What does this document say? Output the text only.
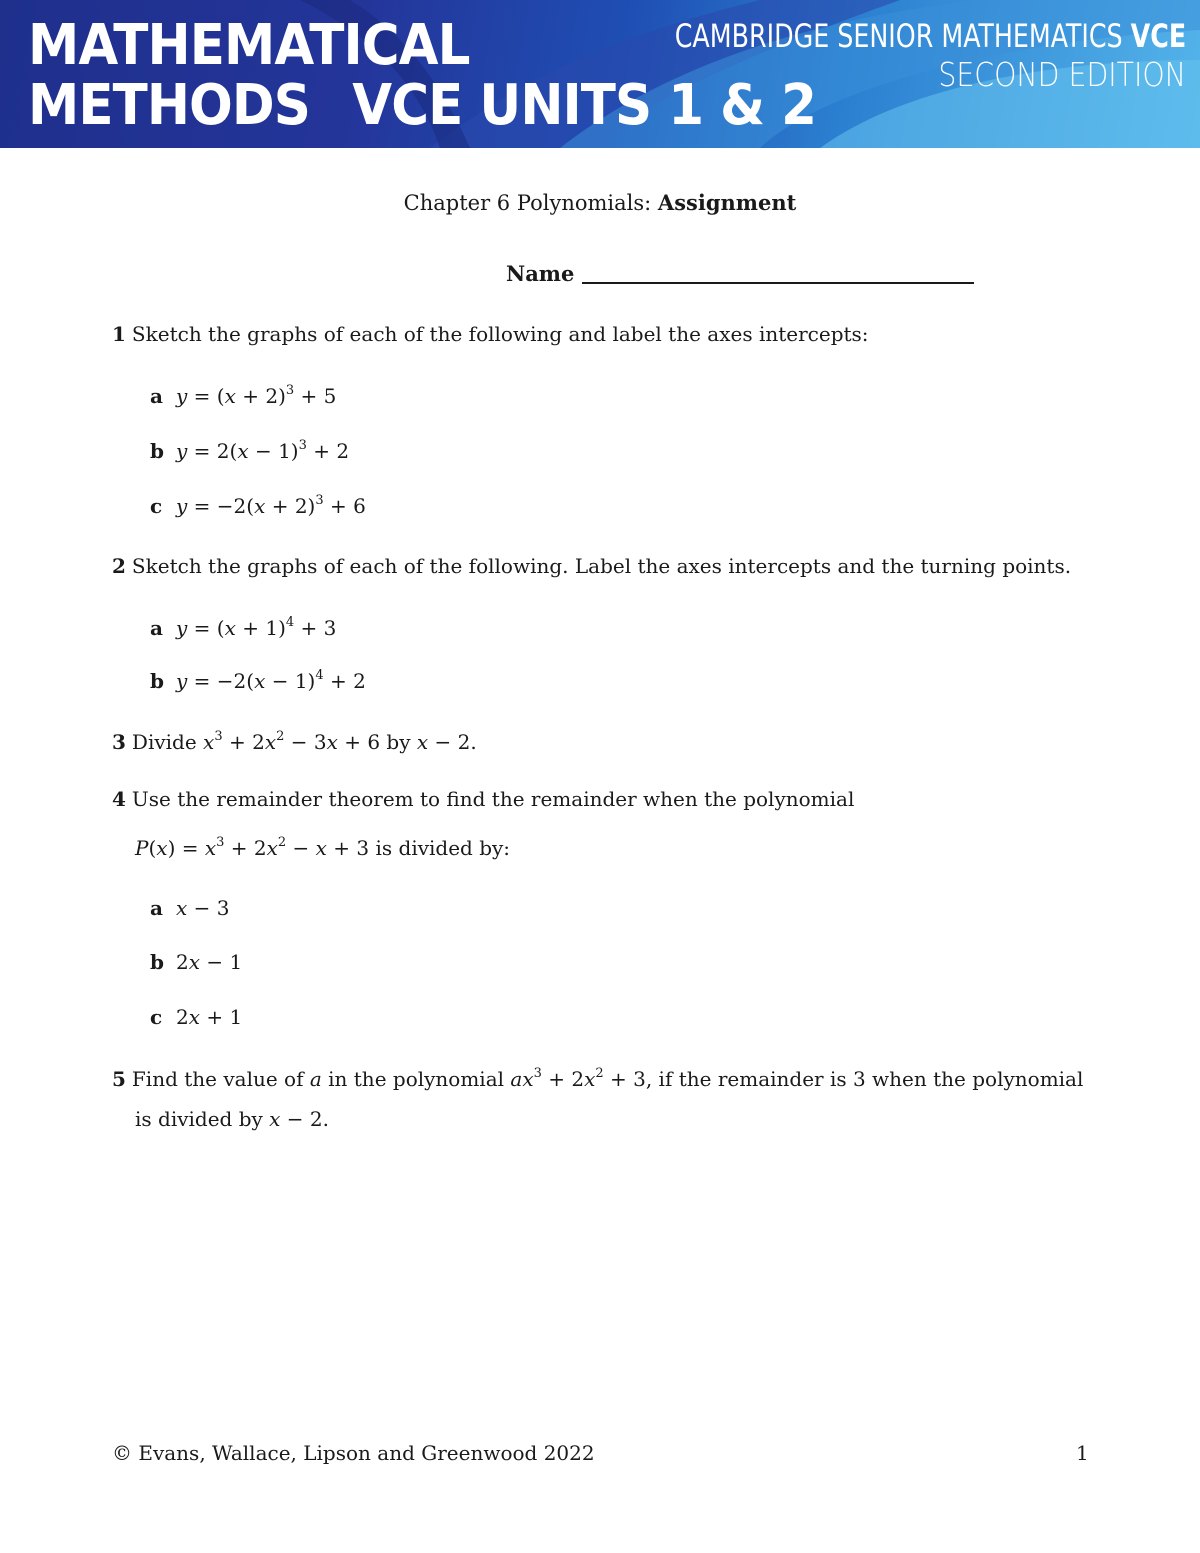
MATHEMATICAL
METHODS VCE UNITS 1 & 2
CAMBRIDGE SENIOR MATHEMATICS VCE
SECOND EDITION
Chapter 6 Polynomials: Assignment
Name
1 Sketch the graphs of each of the following and label the axes intercepts:
a $y = (x + 2)^3 + 5$
b $y = 2(x - 1)^3 + 2$
c $y = -2(x + 2)^3 + 6$
2 Sketch the graphs of each of the following. Label the axes intercepts and the turning points.
a $y = (x + 1)^4 + 3$
b $y = -2(x - 1)^4 + 2$
3 Divide $x^3 + 2x^2 - 3x + 6$ by x − 2.
4 Use the remainder theorem to find the remainder when the polynomial
$P(x) = x^3 + 2x^2 - x + 3$ is divided by:
a x − 3
b 2x − 1
c 2x + 1
5 Find the value of a in the polynomial $ax^3 + 2x^2 + 3$, if the remainder is 3 when the polynomial
is divided by x − 2.
© Evans, Wallace, Lipson and Greenwood 2022	1
